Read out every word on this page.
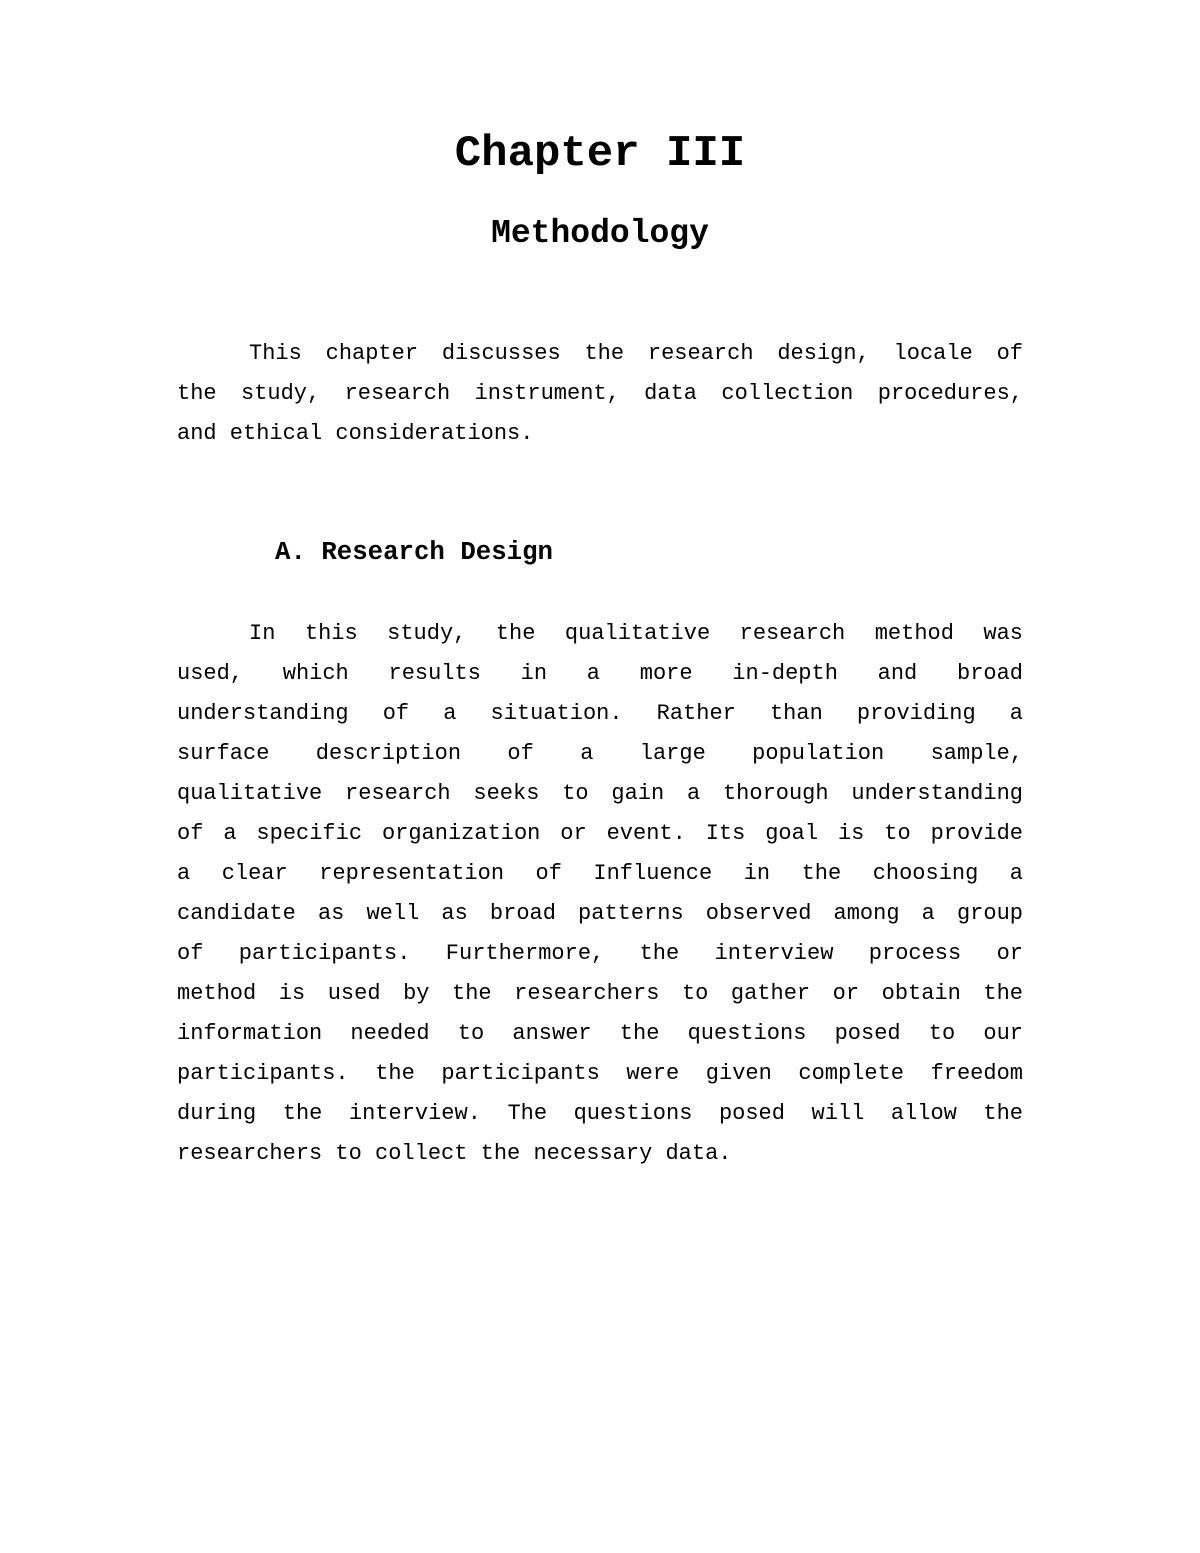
Chapter III
Methodology

This chapter discusses the research design, locale of
the study, research instrument, data collection procedures,
and ethical considerations.

A. Research Design

In this study, the qualitative research method was
used, which results in a more in-depth and broad
understanding of a situation. Rather than providing a
surface description of a large population sample,
qualitative research seeks to gain a thorough understanding
of a specific organization or event. Its goal is to provide
a clear representation of Influence in the choosing a
candidate as well as broad patterns observed among a group
of participants. Furthermore, the interview process or
method is used by the researchers to gather or obtain the
information needed to answer the questions posed to our
participants. the participants were given complete freedom
during the interview. The questions posed will allow the
researchers to collect the necessary data.
